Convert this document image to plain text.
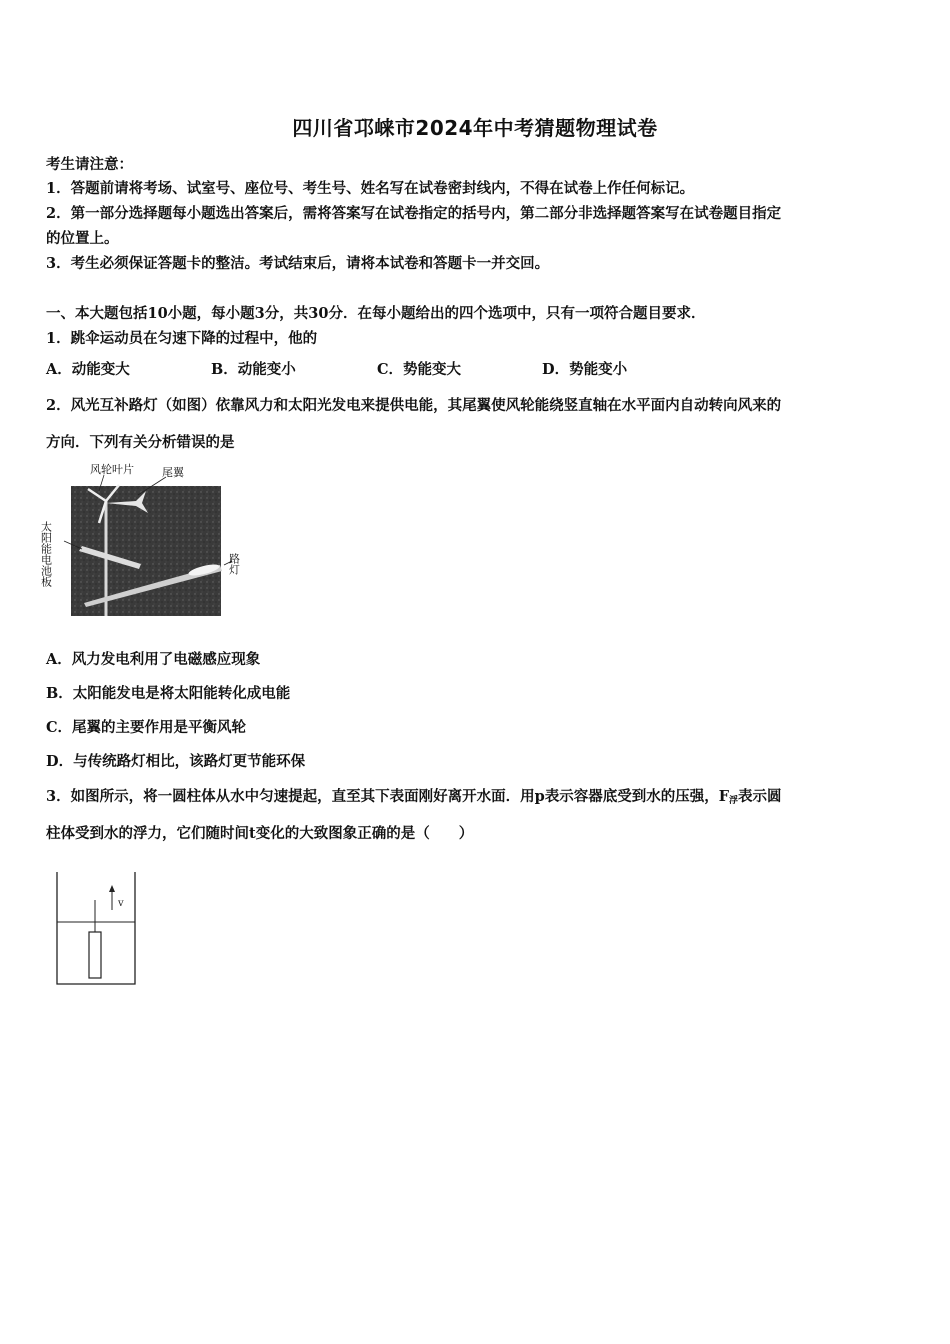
四川省邛崃市2024年中考猜题物理试卷
考生请注意：
1．答题前请将考场、试室号、座位号、考生号、姓名写在试卷密封线内，不得在试卷上作任何标记。
2．第一部分选择题每小题选出答案后，需将答案写在试卷指定的括号内，第二部分非选择题答案写在试卷题目指定
的位置上。
3．考生必须保证答题卡的整洁。考试结束后，请将本试卷和答题卡一并交回。
一、本大题包括10小题，每小题3分，共30分．在每小题给出的四个选项中，只有一项符合题目要求．
1．跳伞运动员在匀速下降的过程中，他的
A．动能变大	B．动能变小	C．势能变大	D．势能变小
2．风光互补路灯（如图）依靠风力和太阳光发电来提供电能，其尾翼使风轮能绕竖直轴在水平面内自动转向风来的
方向．下列有关分析错误的是
风轮叶片	尾翼
太阳能电池板	路灯
A．风力发电利用了电磁感应现象
B．太阳能发电是将太阳能转化成电能
C．尾翼的主要作用是平衡风轮
D．与传统路灯相比，该路灯更节能环保
3．如图所示，将一圆柱体从水中匀速提起，直至其下表面刚好离开水面．用p表示容器底受到水的压强，$F_浮$表示圆
柱体受到水的浮力，它们随时间t变化的大致图象正确的是（　　）
v
